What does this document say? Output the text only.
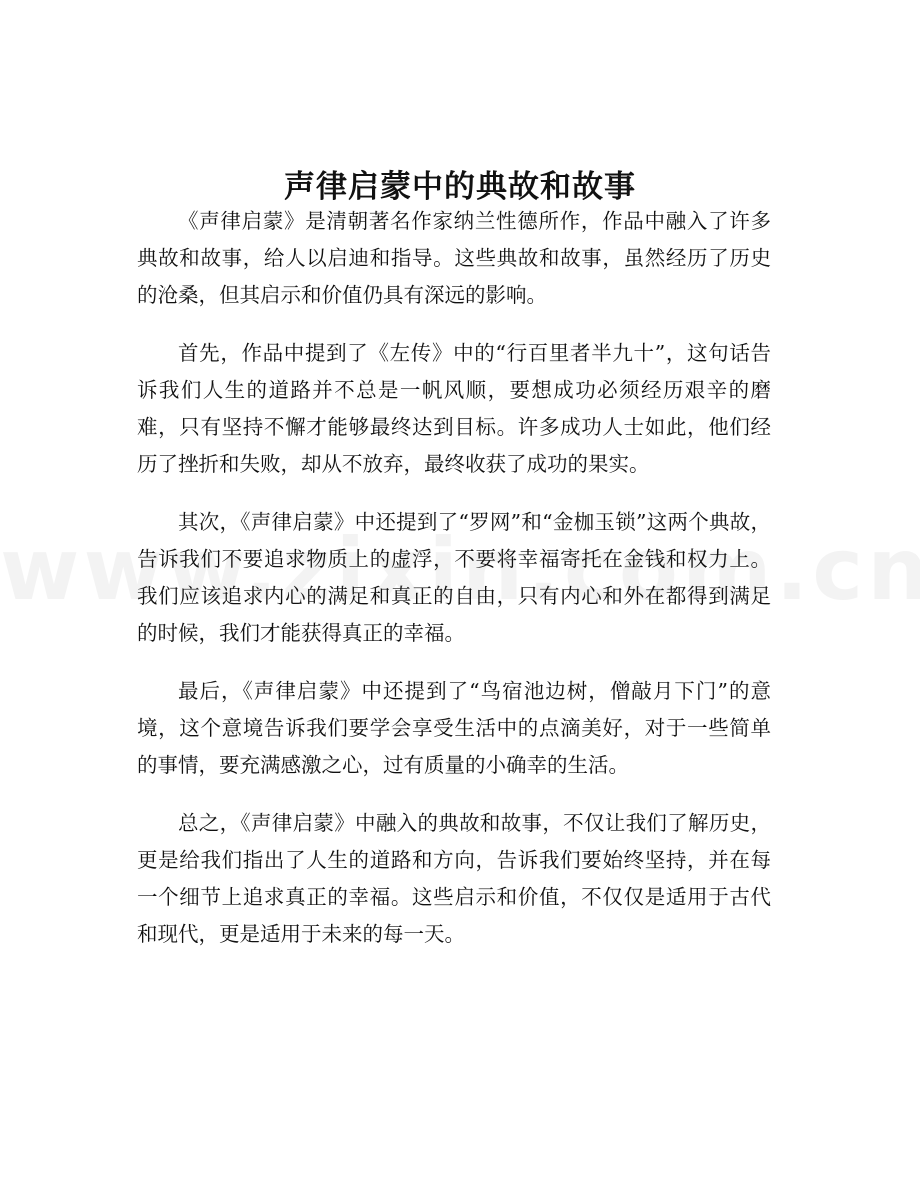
声律启蒙中的典故和故事

《声律启蒙》是清朝著名作家纳兰性德所作，作品中融入了许多典故和故事，给人以启迪和指导。这些典故和故事，虽然经历了历史的沧桑，但其启示和价值仍具有深远的影响。

首先，作品中提到了《左传》中的“行百里者半九十”，这句话告诉我们人生的道路并不总是一帆风顺，要想成功必须经历艰辛的磨难，只有坚持不懈才能够最终达到目标。许多成功人士如此，他们经历了挫折和失败，却从不放弃，最终收获了成功的果实。

其次，《声律启蒙》中还提到了“罗网”和“金枷玉锁”这两个典故，告诉我们不要追求物质上的虚浮，不要将幸福寄托在金钱和权力上。我们应该追求内心的满足和真正的自由，只有内心和外在都得到满足的时候，我们才能获得真正的幸福。

最后，《声律启蒙》中还提到了“鸟宿池边树，僧敲月下门”的意境，这个意境告诉我们要学会享受生活中的点滴美好，对于一些简单的事情，要充满感激之心，过有质量的小确幸的生活。

总之，《声律启蒙》中融入的典故和故事，不仅让我们了解历史，更是给我们指出了人生的道路和方向，告诉我们要始终坚持，并在每一个细节上追求真正的幸福。这些启示和价值，不仅仅是适用于古代和现代，更是适用于未来的每一天。
